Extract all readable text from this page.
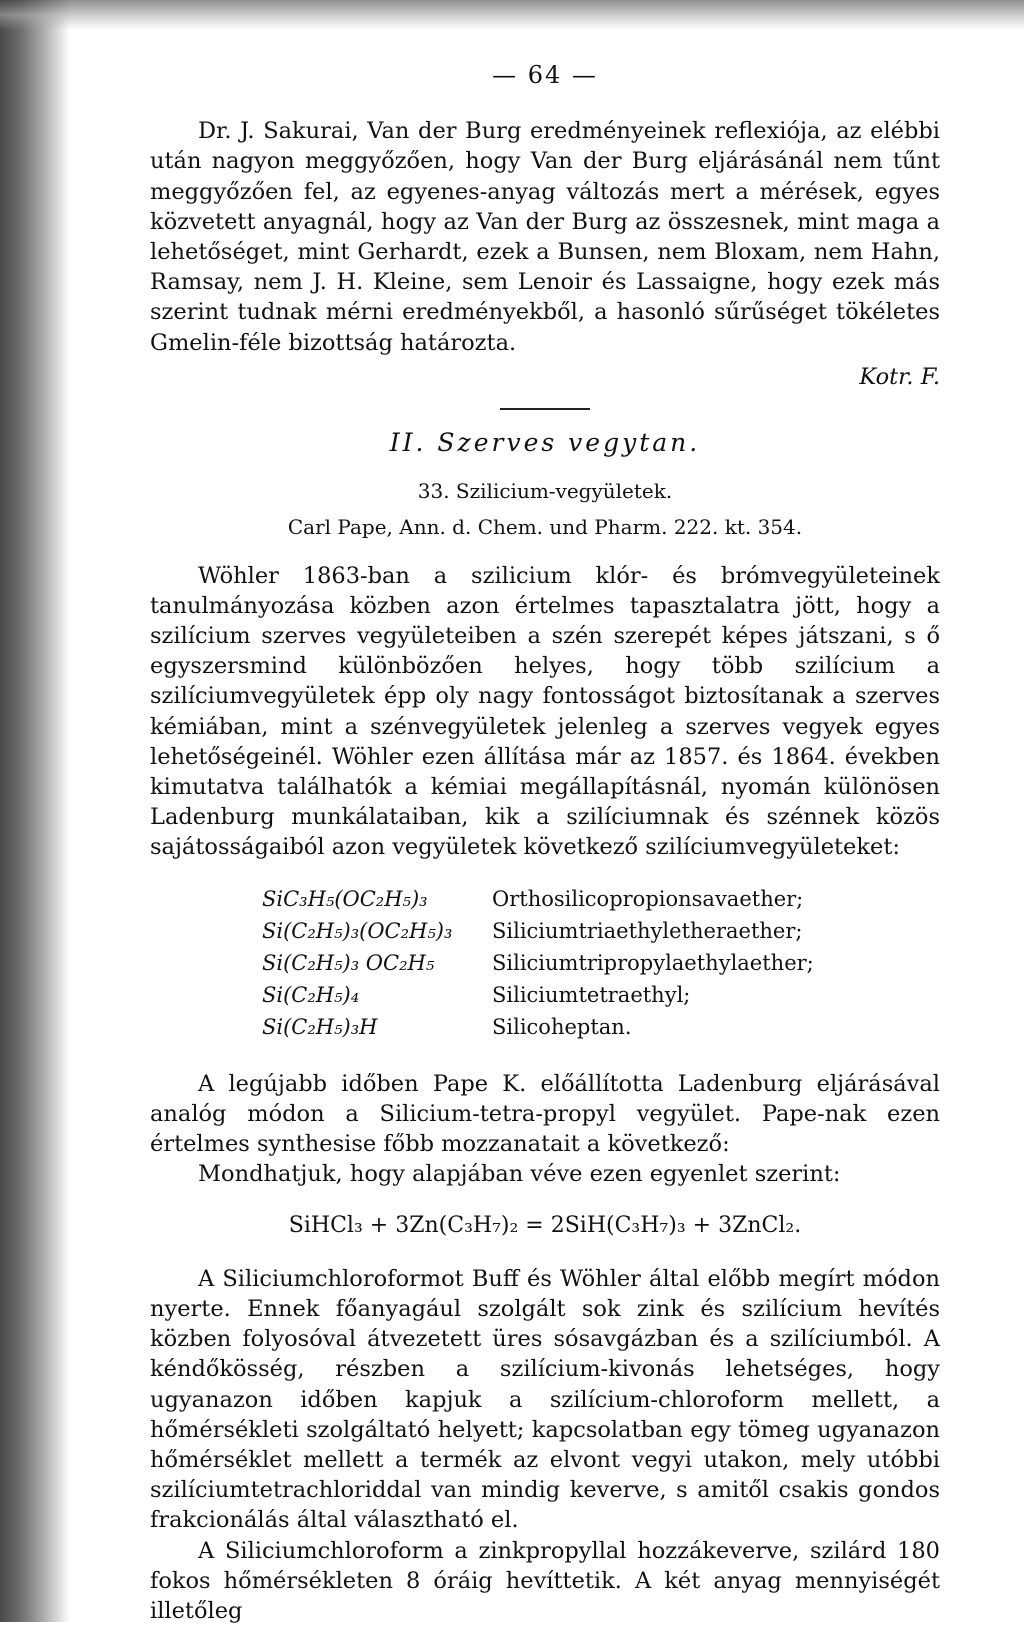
— 64 —

Dr. J. Sakurai, Van der Burg eredményeinek reflexiója, az elébbi után nagyon meggyőzően, hogy Van der Burg eljárásánál nem tűnt meggyőzően fel, az egyenes-anyag változás mert a mérések, egyes közvetett anyagnál, hogy az Van der Burg az összesnek, mint maga a lehetőséget, mint Gerhardt, ezek a Bunsen, nem Bloxam, nem Hahn, Ramsay, nem J. H. Kleine, sem Lenoir és Lassaigne, hogy ezek más szerint tudnak mérni eredményekből, a hasonló sűrűséget tökéletes Gmelin-féle bizottság határozta.

Kotr. F.

II. Szerves vegytan.
33. Szilicium-vegyületek.
Carl Pape, Ann. d. Chem. und Pharm. 222. kt. 354.

Wöhler 1863-ban a szilicium klór- és brómvegyületeinek tanulmányozása közben azon értelmes tapasztalatra jött, hogy a szilícium szerves vegyületeiben a szén szerepét képes játszani, s ő egyszersmind különbözően helyes, hogy több szilícium a szilíciumvegyületek épp oly nagy fontosságot biztosítanak a szerves kémiában, mint a szénvegyületek jelenleg a szerves vegyek egyes lehetőségeinél. Wöhler ezen állítása már az 1857. és 1864. években kimutatva találhatók a kémiai megállapításnál, nyomán különösen Ladenburg munkálataiban, kik a szilíciumnak és szénnek közös sajátosságaiból azon vegyületek következő szilíciumvegyületeket:

SiC₃H₅(OC₂H₅)₃	Orthosilicopropionsavaether;
Si(C₂H₅)₃(OC₂H₅)₃	Siliciumtriaethyletheraether;
Si(C₂H₅)₃ OC₂H₅	Siliciumtripropylaethylaether;
Si(C₂H₅)₄	Siliciumtetraethyl;
Si(C₂H₅)₃H	Silicoheptan.

A legújabb időben Pape K. előállította Ladenburg eljárásával analóg módon a Silicium-tetra-propyl vegyület. Pape-nak ezen értelmes synthesise főbb mozzanatait a következő:

Mondhatjuk, hogy alapjában véve ezen egyenlet szerint:

SiHCl₃ + 3Zn(C₃H₇)₂ = 2SiH(C₃H₇)₃ + 3ZnCl₂.

A Siliciumchloroformot Buff és Wöhler által előbb megírt módon nyerte. Ennek főanyagául szolgált sok zink és szilícium hevítés közben folyosóval átvezetett üres sósavgázban és a szilíciumból. A kéndőkösség, részben a szilícium-kivonás lehetséges, hogy ugyanazon időben kapjuk a szilícium-chloroform mellett, a hőmérsékleti szolgáltató helyett; kapcsolatban egy tömeg ugyanazon hőmérséklet mellett a termék az elvont vegyi utakon, mely utóbbi szilíciumtetrachloriddal van mindig keverve, s amitől csakis gondos frakcionálás által választható el.

A Siliciumchloroform a zinkpropyllal hozzákeverve, szilárd 180 fokos hőmérsékleten 8 óráig hevíttetik. A két anyag mennyiségét illetőleg
